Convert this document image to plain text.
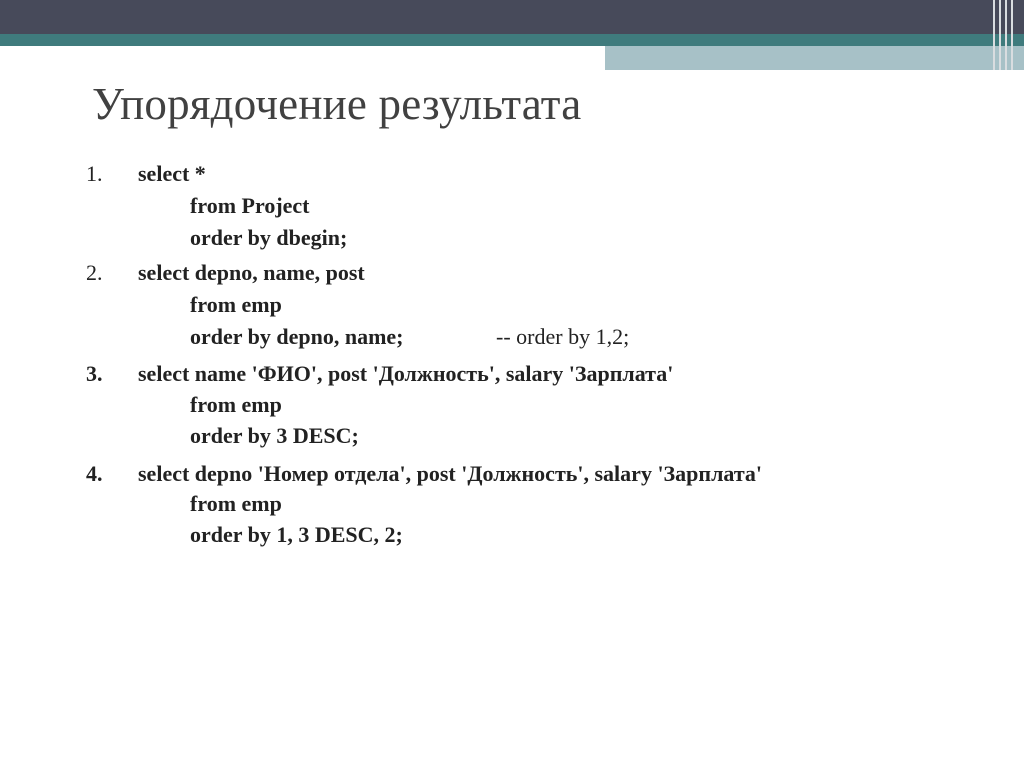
Упорядочение результата
1. select *
from Project
order by dbegin;
2. select depno, name, post
from emp
order by depno, name;	-- order by 1,2;
3. select name 'ФИО', post 'Должность', salary 'Зарплата'
from emp
order by 3 DESC;
4. select depno 'Номер отдела', post 'Должность', salary 'Зарплата'
from emp
order by 1, 3 DESC, 2;
